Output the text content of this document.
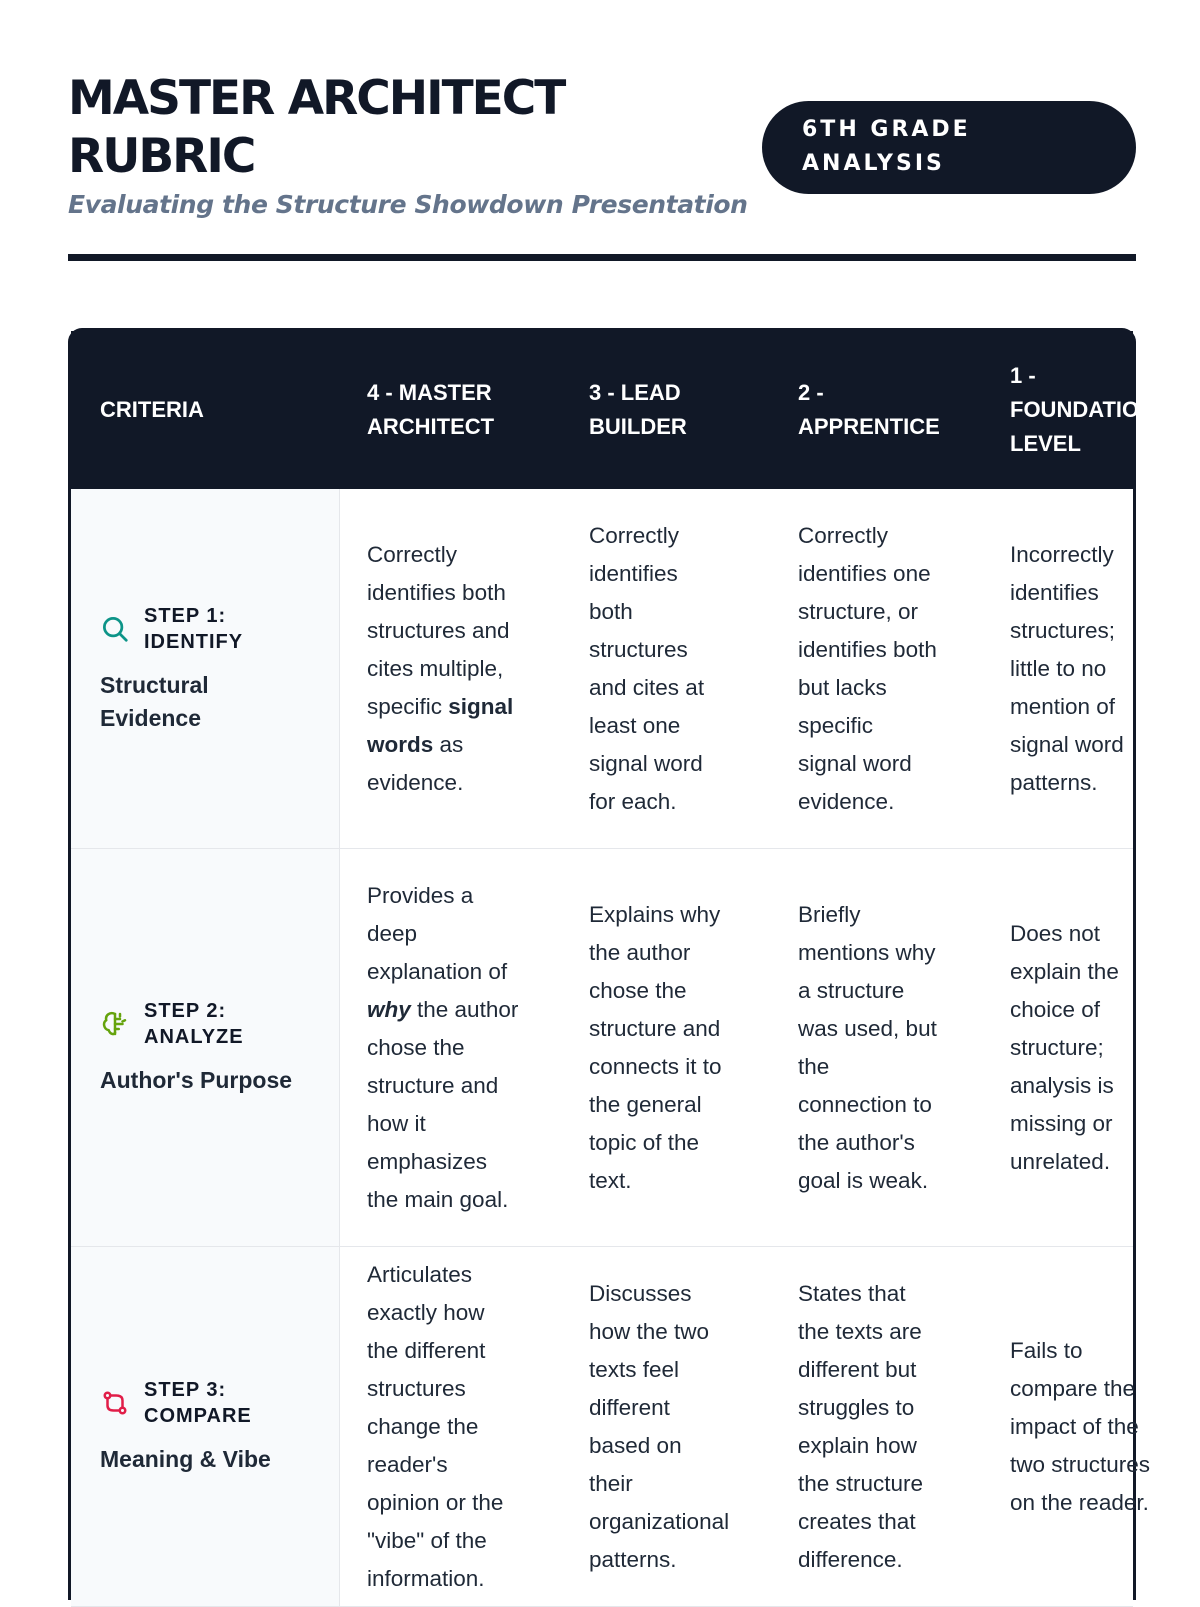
MASTER ARCHITECT RUBRIC
Evaluating the Structure Showdown Presentation
6TH GRADE
ANALYSIS
CRITERIA
4 - MASTER
ARCHITECT
3 - LEAD
BUILDER
2 -
APPRENTICE
1 -
FOUNDATION
LEVEL
STEP 1:
IDENTIFY
Structural
Evidence
Correctly
identifies both
structures and
cites multiple,
specific signal
words as
evidence.
Correctly
identifies
both
structures
and cites at
least one
signal word
for each.
Correctly
identifies one
structure, or
identifies both
but lacks
specific
signal word
evidence.
Incorrectly
identifies
structures;
little to no
mention of
signal word
patterns.
STEP 2:
ANALYZE
Author's Purpose
Provides a
deep
explanation of
why the author
chose the
structure and
how it
emphasizes
the main goal.
Explains why
the author
chose the
structure and
connects it to
the general
topic of the
text.
Briefly
mentions why
a structure
was used, but
the
connection to
the author's
goal is weak.
Does not
explain the
choice of
structure;
analysis is
missing or
unrelated.
STEP 3:
COMPARE
Meaning & Vibe
Articulates
exactly how
the different
structures
change the
reader's
opinion or the
"vibe" of the
information.
Discusses
how the two
texts feel
different
based on
their
organizational
patterns.
States that
the texts are
different but
struggles to
explain how
the structure
creates that
difference.
Fails to
compare the
impact of the
two structures
on the reader.
